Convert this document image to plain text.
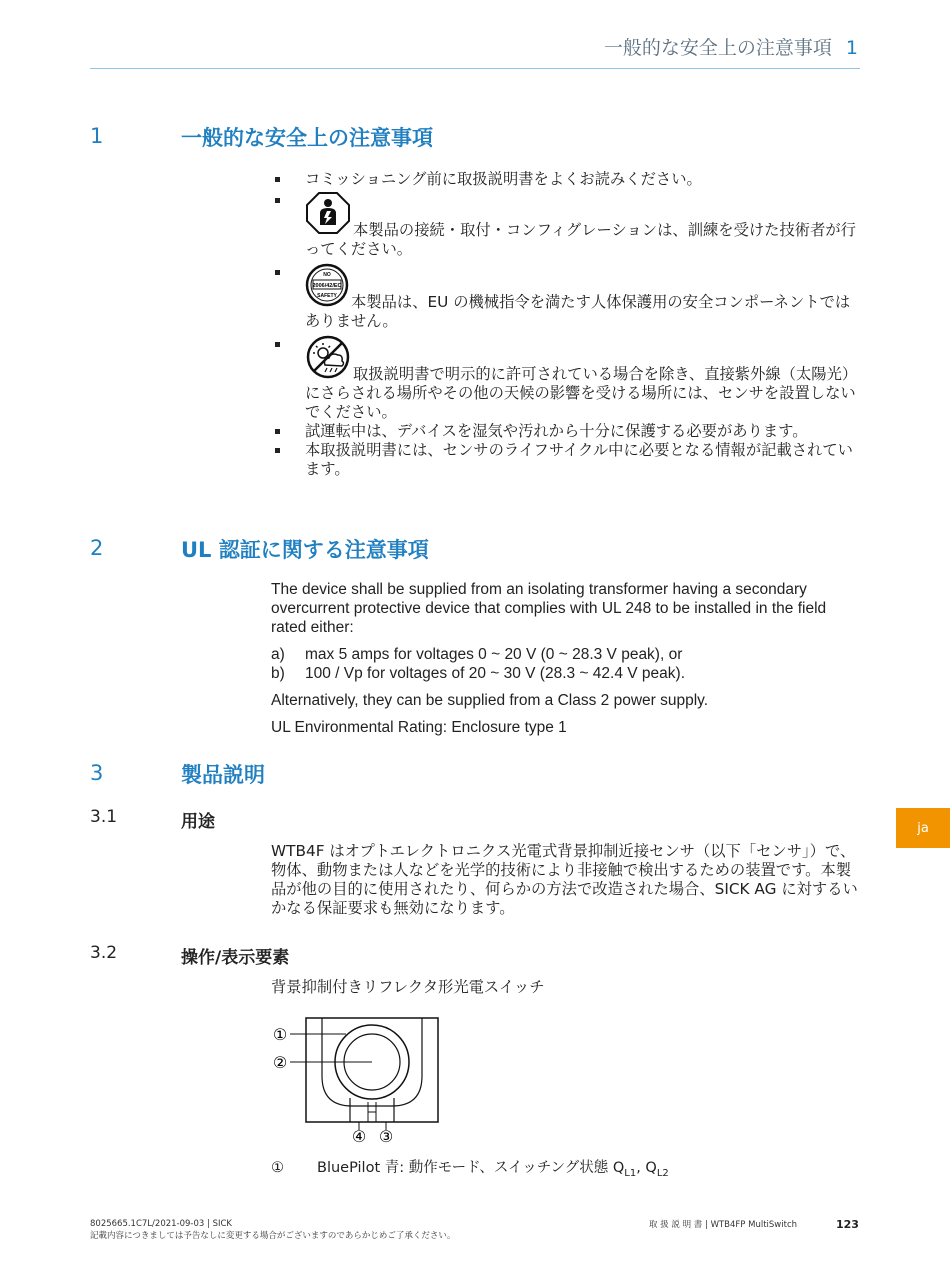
一般的な安全上の注意事項 1
1	一般的な安全上の注意事項
コミッショニング前に取扱説明書をよくお読みください。
本製品の接続・取付・コンフィグレーションは、訓練を受けた技術者が行ってください。
NO
2006/42/EC
SAFETY 本製品は、EU の機械指令を満たす人体保護用の安全コンポーネントではありません。
取扱説明書で明示的に許可されている場合を除き、直接紫外線（太陽光）にさらされる場所やその他の天候の影響を受ける場所には、センサを設置しないでください。
試運転中は、デバイスを湿気や汚れから十分に保護する必要があります。
本取扱説明書には、センサのライフサイクル中に必要となる情報が記載されています。
2	UL 認証に関する注意事項

The device shall be supplied from an isolating transformer having a secondary overcurrent protective device that complies with UL 248 to be installed in the field rated either:

a)	max 5 amps for voltages 0 ~ 20 V (0 ~ 28.3 V peak), or
b)	100 / Vp for voltages of 20 ~ 30 V (28.3 ~ 42.4 V peak).

Alternatively, they can be supplied from a Class 2 power supply.

UL Environmental Rating: Enclosure type 1

3	製品説明
3.1	用途
WTB4F はオプトエレクトロニクス光電式背景抑制近接センサ（以下「センサ」）で、物体、動物または人などを光学的技術により非接触で検出するための装置です。本製品が他の目的に使用されたり、何らかの方法で改造された場合、SICK AG に対するいかなる保証要求も無効になります。
3.2	操作/表示要素
背景抑制付きリフレクタ形光電スイッチ
①
②
④ ③
① BluePilot 青: 動作モード、スイッチング状態 $Q_{L1}$, $Q_{L2}$
ja
8025665.1C7L/2021-09-03 | SICK
記載内容につきましては予告なしに変更する場合がございますのであらかじめご了承ください。
取 扱 説 明 書 | WTB4FP MultiSwitch	123
